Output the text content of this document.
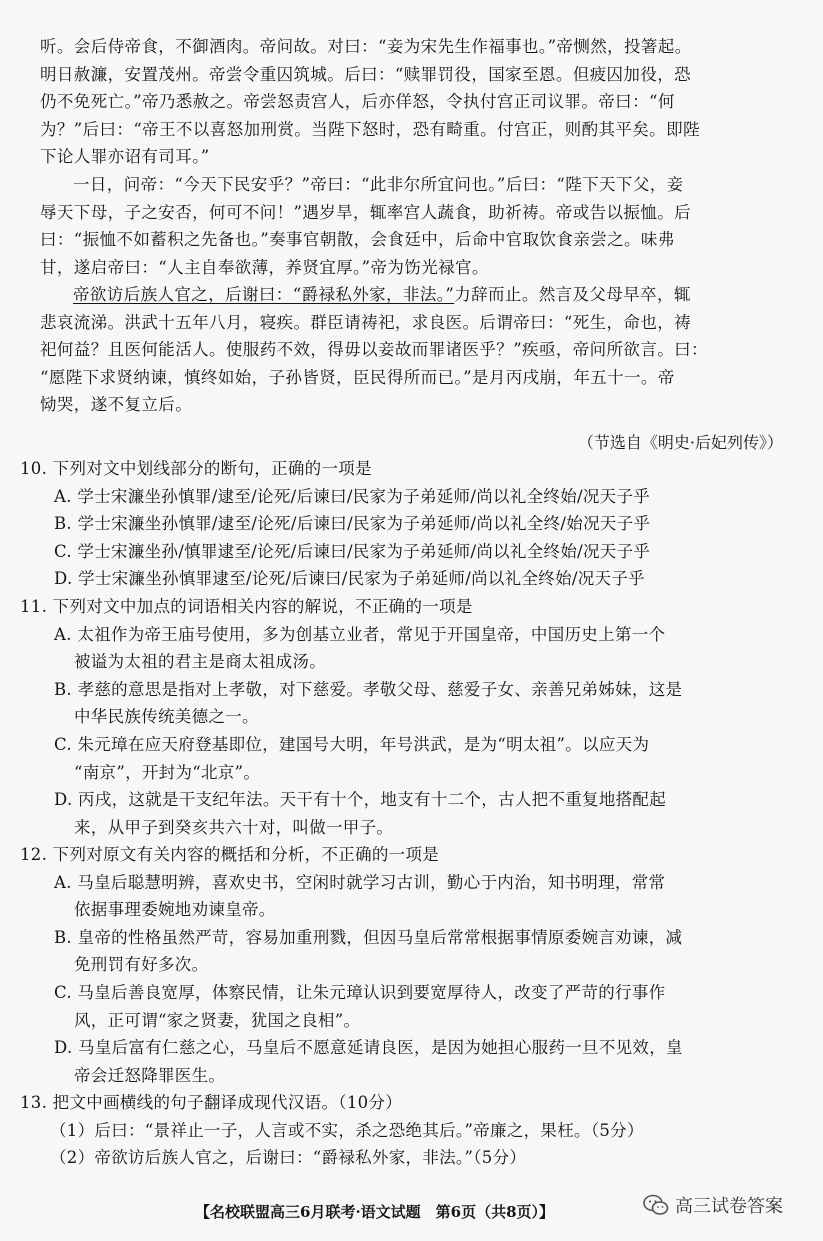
听。会后侍帝食，不御酒肉。帝问故。对曰：“妾为宋先生作福事也。”帝恻然，投箸起。
明日赦濂，安置茂州。帝尝令重囚筑城。后曰：“赎罪罚役，国家至恩。但疲囚加役，恐
仍不免死亡。”帝乃悉赦之。帝尝怒责宫人，后亦佯怒，令执付宫正司议罪。帝曰：“何
为？”后曰：“帝王不以喜怒加刑赏。当陛下怒时，恐有畸重。付宫正，则酌其平矣。即陛
下论人罪亦诏有司耳。”
一日，问帝：“今天下民安乎？”帝曰：“此非尔所宜问也。”后曰：“陛下天下父，妾
辱天下母，子之安否，何可不问！”遇岁旱，辄率宫人蔬食，助祈祷。帝或告以振恤。后
曰：“振恤不如蓄积之先备也。”奏事官朝散，会食廷中，后命中官取饮食亲尝之。味弗
甘，遂启帝曰：“人主自奉欲薄，养贤宜厚。”帝为饬光禄官。
帝欲访后族人官之，后谢曰：“爵禄私外家，非法。”力辞而止。然言及父母早卒，辄
悲哀流涕。洪武十五年八月，寝疾。群臣请祷祀，求良医。后谓帝曰：“死生，命也，祷
祀何益？且医何能活人。使服药不效，得毋以妾故而罪诸医乎？”疾亟，帝问所欲言。曰：
“愿陛下求贤纳谏，慎终如始，子孙皆贤，臣民得所而已。”是月丙戌崩，年五十一。帝
恸哭，遂不复立后。
（节选自《明史·后妃列传》）
10. 下列对文中划线部分的断句，正确的一项是
A. 学士宋濂坐孙慎罪/逮至/论死/后谏曰/民家为子弟延师/尚以礼全终始/况天子乎
B. 学士宋濂坐孙慎罪/逮至/论死/后谏曰/民家为子弟延师/尚以礼全终/始况天子乎
C. 学士宋濂坐孙/慎罪逮至/论死/后谏曰/民家为子弟延师/尚以礼全终始/况天子乎
D. 学士宋濂坐孙慎罪逮至/论死/后谏曰/民家为子弟延师/尚以礼全终始/况天子乎
11. 下列对文中加点的词语相关内容的解说，不正确的一项是
A. 太祖作为帝王庙号使用，多为创基立业者，常见于开国皇帝，中国历史上第一个
被谥为太祖的君主是商太祖成汤。
B. 孝慈的意思是指对上孝敬，对下慈爱。孝敬父母、慈爱子女、亲善兄弟姊妹，这是
中华民族传统美德之一。
C. 朱元璋在应天府登基即位，建国号大明，年号洪武，是为“明太祖”。以应天为
“南京”，开封为“北京”。
D. 丙戌，这就是干支纪年法。天干有十个，地支有十二个，古人把不重复地搭配起
来，从甲子到癸亥共六十对，叫做一甲子。
12. 下列对原文有关内容的概括和分析，不正确的一项是
A. 马皇后聪慧明辨，喜欢史书，空闲时就学习古训，勤心于内治，知书明理，常常
依据事理委婉地劝谏皇帝。
B. 皇帝的性格虽然严苛，容易加重刑戮，但因马皇后常常根据事情原委婉言劝谏，减
免刑罚有好多次。
C. 马皇后善良宽厚，体察民情，让朱元璋认识到要宽厚待人，改变了严苛的行事作
风，正可谓“家之贤妻，犹国之良相”。
D. 马皇后富有仁慈之心，马皇后不愿意延请良医，是因为她担心服药一旦不见效，皇
帝会迁怒降罪医生。
13. 把文中画横线的句子翻译成现代汉语。（10分）
（1）后曰：“景祥止一子，人言或不实，杀之恐绝其后。”帝廉之，果枉。（5分）
（2）帝欲访后族人官之，后谢曰：“爵禄私外家，非法。”（5分）
【名校联盟高三6月联考·语文试题　第6页（共8页）】	高三试卷答案
